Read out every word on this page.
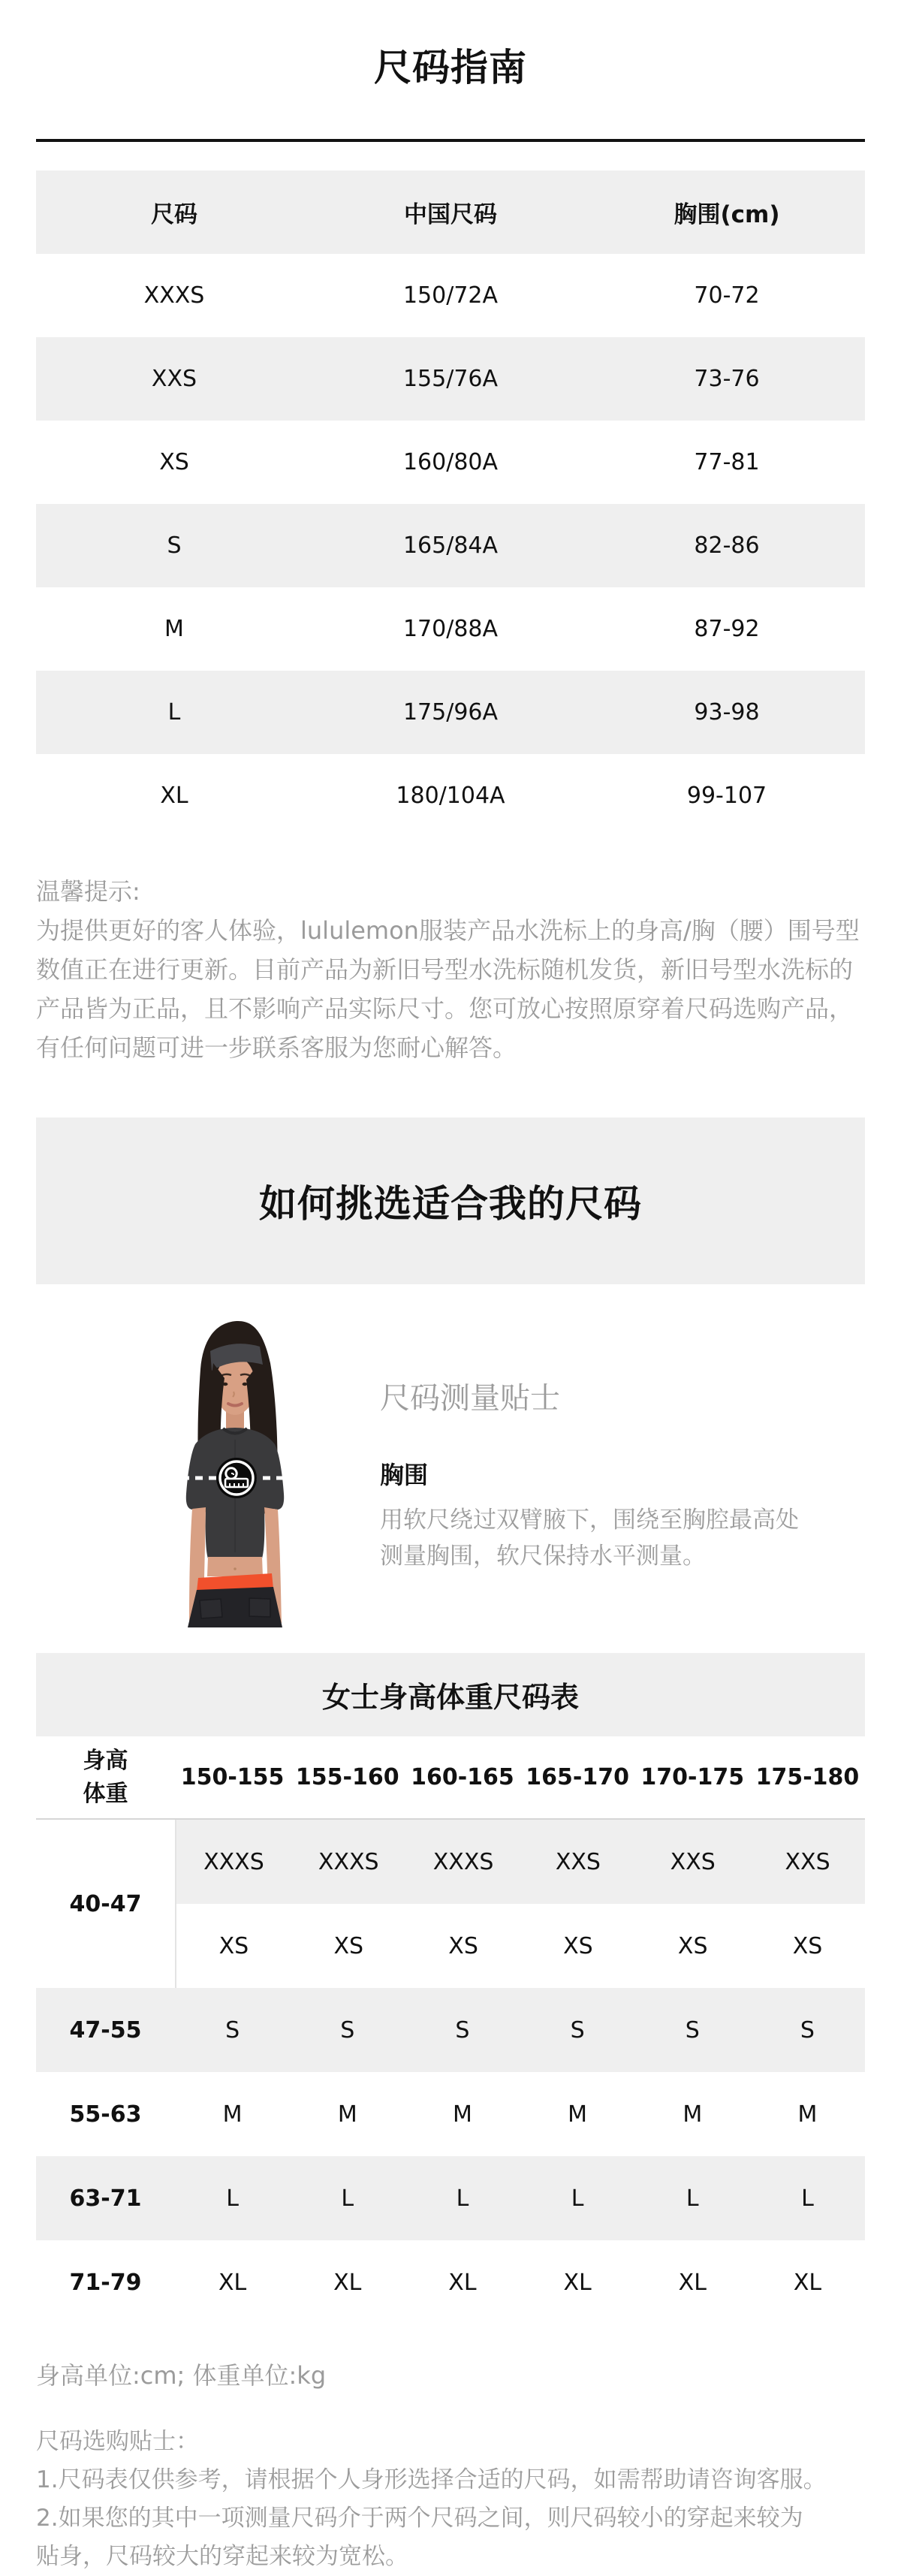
尺码指南
尺码	中国尺码	胸围(cm)
XXXS	150/72A	70-72
XXS	155/76A	73-76
XS	160/80A	77-81
S	165/84A	82-86
M	170/88A	87-92
L	175/96A	93-98
XL	180/104A	99-107
温馨提示:
为提供更好的客人体验，lululemon服装产品水洗标上的身高/胸（腰）围号型
数值正在进行更新。目前产品为新旧号型水洗标随机发货，新旧号型水洗标的
产品皆为正品，且不影响产品实际尺寸。您可放心按照原穿着尺码选购产品，
有任何问题可进一步联系客服为您耐心解答。
如何挑选适合我的尺码
尺码测量贴士
胸围
用软尺绕过双臂腋下，围绕至胸腔最高处
测量胸围，软尺保持水平测量。
女士身高体重尺码表
身高
体重
150-155 155-160 160-165 165-170 170-175 175-180
40-47
XXXS	XXXS	XXXS	XXS	XXS	XXS
XS	XS	XS	XS	XS	XS
47-55	S	S	S	S	S	S
55-63	M	M	M	M	M	M
63-71	L	L	L	L	L	L
71-79	XL	XL	XL	XL	XL	XL
身高单位:cm; 体重单位:kg
尺码选购贴士：
1.尺码表仅供参考，请根据个人身形选择合适的尺码，如需帮助请咨询客服。
2.如果您的其中一项测量尺码介于两个尺码之间，则尺码较小的穿起来较为
贴身，尺码较大的穿起来较为宽松。
